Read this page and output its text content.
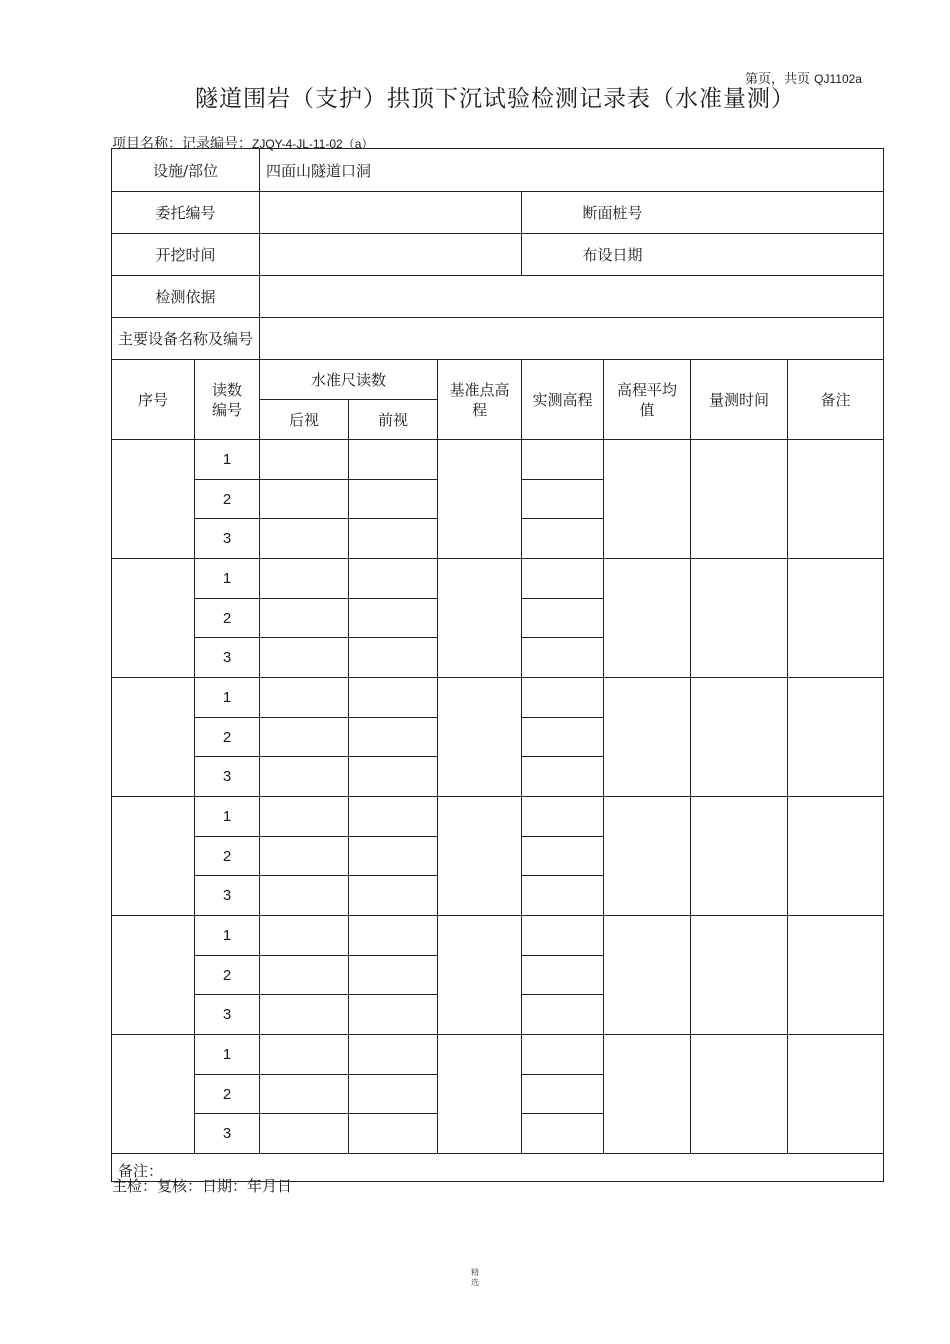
第页，共页 QJ1102a
隧道围岩（支护）拱顶下沉试验检测记录表（水准量测）
项目名称：记录编号：ZJQY-4-JL-11-02（a）
设施/部位		四面山隧道口洞						
委托编号					断面桩号			
开挖时间					布设日期			
检测依据								
主要设备名称及编号								
序号	读数编号	水准尺读数		基准点高程	实测高程	高程平均值	量测时间	备注
		后视	前视					
	1							
	2							
	3							
	1							
	2							
	3							
	1							
	2							
	3							
	1							
	2							
	3							
	1							
	2							
	3							
	1							
	2							
	3							
备注：								
主检：复核：日期：年月日
精选
